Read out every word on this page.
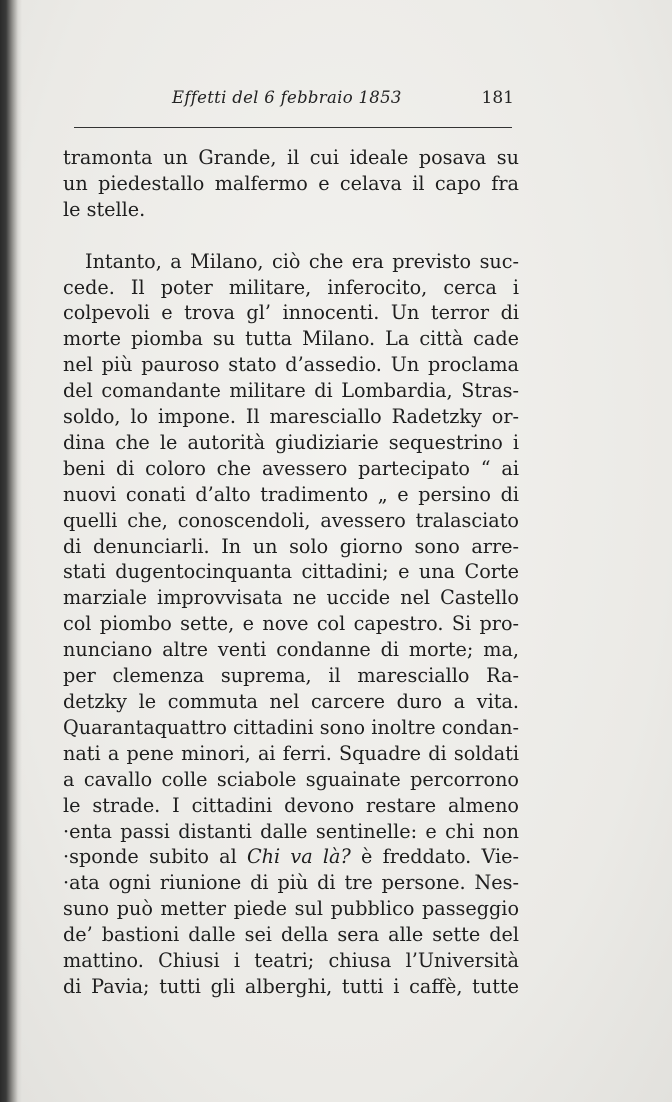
Effetti del 6 febbraio 1853	181
tramonta un Grande, il cui ideale posava su
un piedestallo malfermo e celava il capo fra
le stelle.
Intanto, a Milano, ciò che era previsto suc-
cede. Il poter militare, inferocito, cerca i
colpevoli e trova gl’ innocenti. Un terror di
morte piomba su tutta Milano. La città cade
nel più pauroso stato d’assedio. Un proclama
del comandante militare di Lombardia, Stras-
soldo, lo impone. Il maresciallo Radetzky or-
dina che le autorità giudiziarie sequestrino i
beni di coloro che avessero partecipato “ ai
nuovi conati d’alto tradimento „ e persino di
quelli che, conoscendoli, avessero tralasciato
di denunciarli. In un solo giorno sono arre-
stati dugentocinquanta cittadini; e una Corte
marziale improvvisata ne uccide nel Castello
col piombo sette, e nove col capestro. Si pro-
nunciano altre venti condanne di morte; ma,
per clemenza suprema, il maresciallo Ra-
detzky le commuta nel carcere duro a vita.
Quarantaquattro cittadini sono inoltre condan-
nati a pene minori, ai ferri. Squadre di soldati
a cavallo colle sciabole sguainate percorrono
le strade. I cittadini devono restare almeno
·enta passi distanti dalle sentinelle: e chi non
·sponde subito al Chi va là? è freddato. Vie-
·ata ogni riunione di più di tre persone. Nes-
suno può metter piede sul pubblico passeggio
de’ bastioni dalle sei della sera alle sette del
mattino. Chiusi i teatri; chiusa l’Università
di Pavia; tutti gli alberghi, tutti i caffè, tutte
